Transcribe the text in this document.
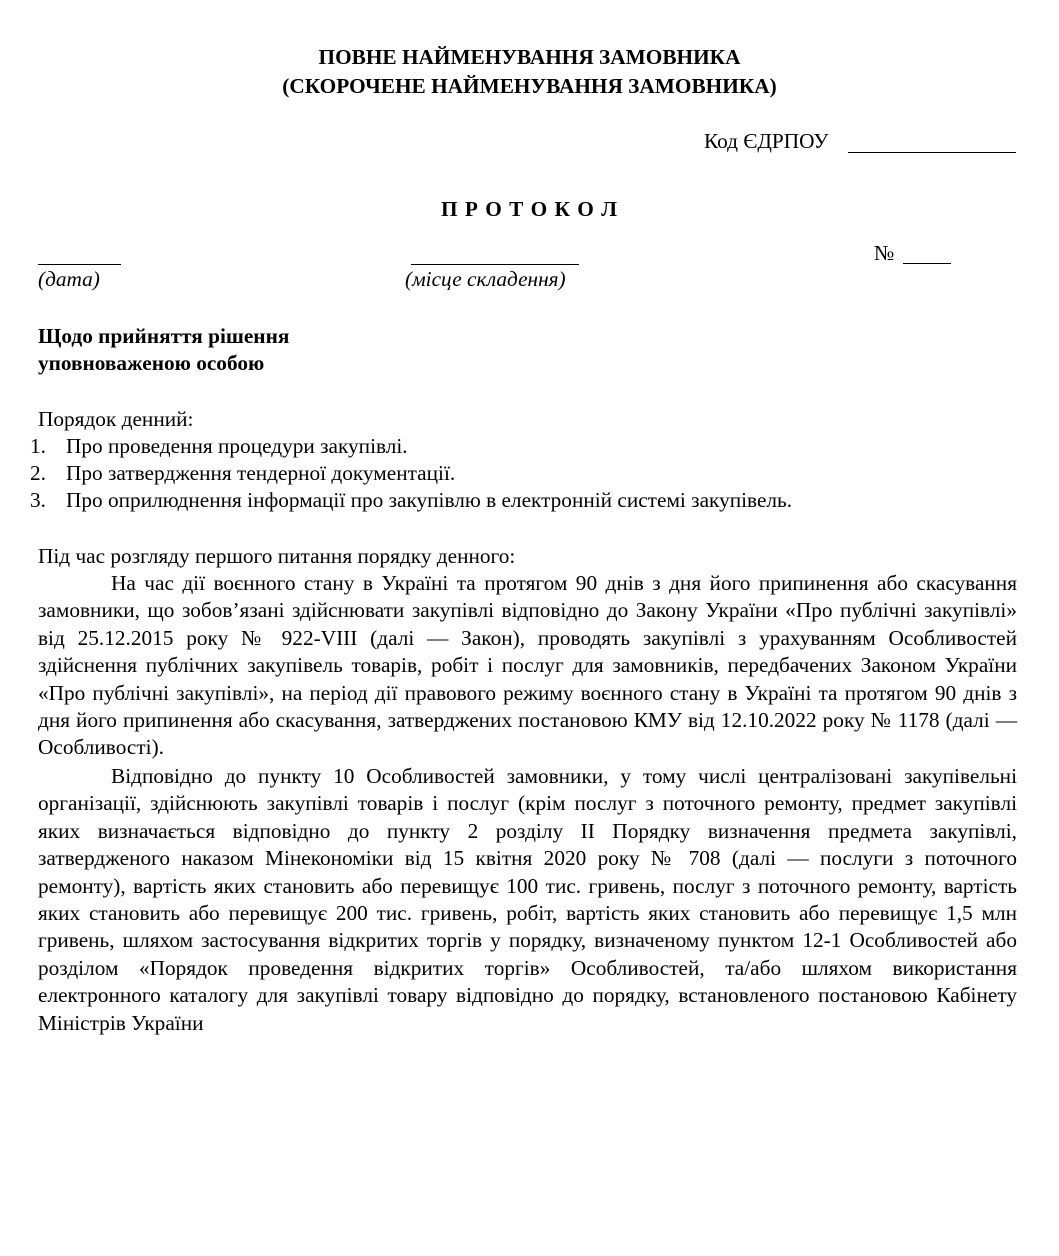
ПОВНЕ НАЙМЕНУВАННЯ ЗАМОВНИКА
(СКОРОЧЕНЕ НАЙМЕНУВАННЯ ЗАМОВНИКА)
Код ЄДРПОУ
П Р О Т О К О Л
(дата)	(місце складення)
№
Щодо прийняття рішення
уповноваженою особою
Порядок денний:
1. Про проведення процедури закупівлі.
2. Про затвердження тендерної документації.
3. Про оприлюднення інформації про закупівлю в електронній системі закупівель.
Під час розгляду першого питання порядку денного:

На час дії воєнного стану в Україні та протягом 90 днів з дня його припинення або скасування замовники, що зобов’язані здійснювати закупівлі відповідно до Закону України «Про публічні закупівлі» від 25.12.2015 року № 922-VIII (далі — Закон), проводять закупівлі з урахуванням Особливостей здійснення публічних закупівель товарів, робіт і послуг для замовників, передбачених Законом України «Про публічні закупівлі», на період дії правового режиму воєнного стану в Україні та протягом 90 днів з дня його припинення або скасування, затверджених постановою КМУ від 12.10.2022 року № 1178 (далі — Особливості).

Відповідно до пункту 10 Особливостей замовники, у тому числі централізовані закупівельні організації, здійснюють закупівлі товарів і послуг (крім послуг з поточного ремонту, предмет закупівлі яких визначається відповідно до пункту 2 розділу II Порядку визначення предмета закупівлі, затвердженого наказом Мінекономіки від 15 квітня 2020 року № 708 (далі — послуги з поточного ремонту), вартість яких становить або перевищує 100 тис. гривень, послуг з поточного ремонту, вартість яких становить або перевищує 200 тис. гривень, робіт, вартість яких становить або перевищує 1,5 млн гривень, шляхом застосування відкритих торгів у порядку, визначеному пунктом 12-1 Особливостей або розділом «Порядок проведення відкритих торгів» Особливостей, та/або шляхом використання електронного каталогу для закупівлі товару відповідно до порядку, встановленого постановою Кабінету Міністрів України
